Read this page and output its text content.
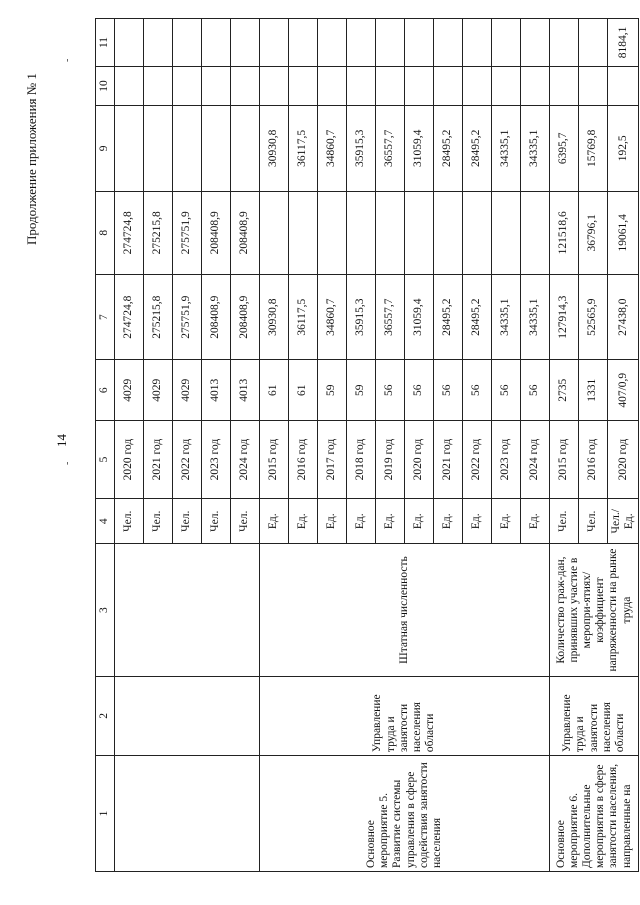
14
Продолжение приложения № 1
-
-
1	2	3	4	5	6	7	8	9	10	11
			Чел.	2020 год	4029	274724,8	274724,8			
			Чел.	2021 год	4029	275215,8	275215,8			
			Чел.	2022 год	4029	275751,9	275751,9			
			Чел.	2023 год	4013	208408,9	208408,9			
			Чел.	2024 год	4013	208408,9	208408,9			
Основное мероприятие 5. Развитие системы управления в сфере содействия занятости населения	Управление труда и занятости населения области	Штатная численность	Ед.	2015 год	61	30930,8		30930,8		
			Ед.	2016 год	61	36117,5		36117,5		
			Ед.	2017 год	59	34860,7		34860,7		
			Ед.	2018 год	59	35915,3		35915,3		
			Ед.	2019 год	56	36557,7		36557,7		
			Ед.	2020 год	56	31059,4		31059,4		
			Ед.	2021 год	56	28495,2		28495,2		
			Ед.	2022 год	56	28495,2		28495,2		
			Ед.	2023 год	56	34335,1		34335,1		
			Ед.	2024 год	56	34335,1		34335,1		
Основное мероприятие 6. Дополнительные мероприятия в сфере занятости населения, направленные на	Управление труда и занятости населения области	Количество граж-дан, принявших участие в меропри-ятиях/коэффициент напряженности на рынке труда	Чел.	2015 год	2735	127914,3	121518,6	6395,7		
			Чел.	2016 год	1331	52565,9	36796,1	15769,8		
			Чел./ Ед.	2020 год	407/0,9	27438,0	19061,4	192,5		8184,1
